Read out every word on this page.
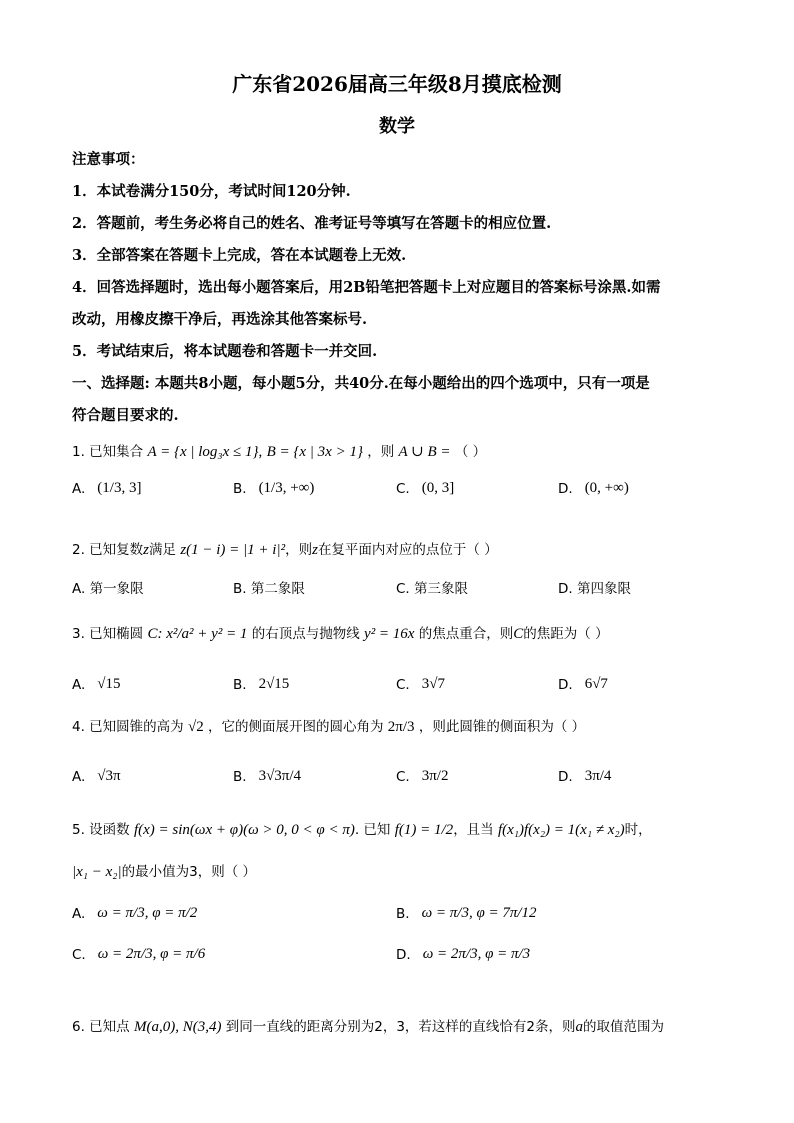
广东省2026届高三年级8月摸底检测
数学
注意事项：
1．本试卷满分150分，考试时间120分钟.
2．答题前，考生务必将自己的姓名、准考证号等填写在答题卡的相应位置.
3．全部答案在答题卡上完成，答在本试题卷上无效.
4．回答选择题时，选出每小题答案后，用2B铅笔把答题卡上对应题目的答案标号涂黑.如需
改动，用橡皮擦干净后，再选涂其他答案标号.
5．考试结束后，将本试题卷和答题卡一并交回.
一、选择题: 本题共8小题，每小题5分，共40分.在每小题给出的四个选项中，只有一项是
符合题目要求的.
1. 已知集合 A = {x | log₃x ≤ 1}, B = {x | 3x > 1} ，则 A ∪ B = （ ）
A. (1/3, 3]	B. (1/3, +∞)	C. (0, 3]	D. (0, +∞)
2. 已知复数z满足 z(1 − i) = |1 + i|²，则z在复平面内对应的点位于（ ）
A. 第一象限	B. 第二象限	C. 第三象限	D. 第四象限
3. 已知椭圆 C: x²/a² + y² = 1 的右顶点与抛物线 y² = 16x 的焦点重合，则C的焦距为（ ）
A. √15	B. 2√15	C. 3√7	D. 6√7
4. 已知圆锥的高为 √2 ，它的侧面展开图的圆心角为 2π/3 ，则此圆锥的侧面积为（ ）
A. √3π	B. 3√3π/4	C. 3π/2	D. 3π/4
5. 设函数 f(x) = sin(ωx + φ)(ω > 0, 0 < φ < π). 已知 f(1) = 1/2，且当 f(x₁)f(x₂) = 1(x₁ ≠ x₂)时，
|x₁ − x₂|的最小值为3，则（ ）
A. ω = π/3, φ = π/2	B. ω = π/3, φ = 7π/12
C. ω = 2π/3, φ = π/6	D. ω = 2π/3, φ = π/3
6. 已知点 M(a,0), N(3,4) 到同一直线的距离分别为2，3，若这样的直线恰有2条，则a的取值范围为
